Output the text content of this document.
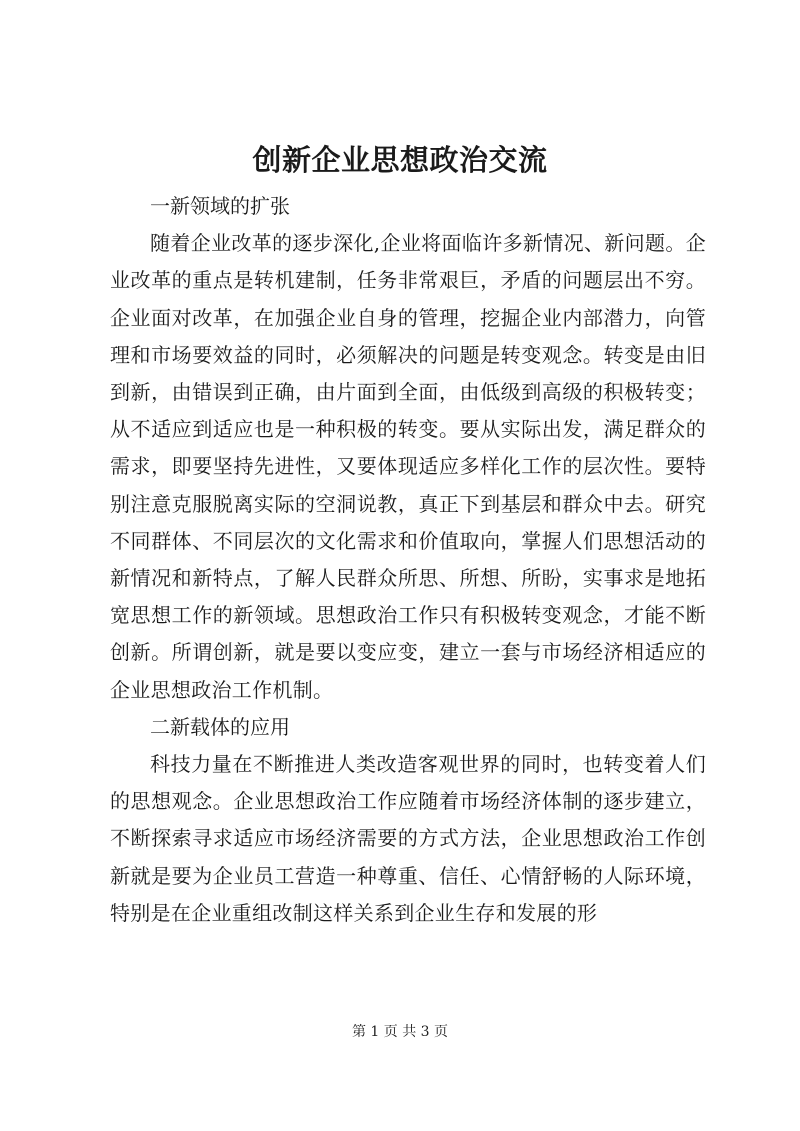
创新企业思想政治交流

一新领域的扩张

随着企业改革的逐步深化,企业将面临许多新情况、新问题。企业改革的重点是转机建制，任务非常艰巨，矛盾的问题层出不穷。企业面对改革，在加强企业自身的管理，挖掘企业内部潜力，向管理和市场要效益的同时，必须解决的问题是转变观念。转变是由旧到新，由错误到正确，由片面到全面，由低级到高级的积极转变；从不适应到适应也是一种积极的转变。要从实际出发，满足群众的需求，即要坚持先进性，又要体现适应多样化工作的层次性。要特别注意克服脱离实际的空洞说教，真正下到基层和群众中去。研究不同群体、不同层次的文化需求和价值取向，掌握人们思想活动的新情况和新特点，了解人民群众所思、所想、所盼，实事求是地拓宽思想工作的新领域。思想政治工作只有积极转变观念，才能不断创新。所谓创新，就是要以变应变，建立一套与市场经济相适应的企业思想政治工作机制。

二新载体的应用

科技力量在不断推进人类改造客观世界的同时，也转变着人们的思想观念。企业思想政治工作应随着市场经济体制的逐步建立，不断探索寻求适应市场经济需要的方式方法，企业思想政治工作创新就是要为企业员工营造一种尊重、信任、心情舒畅的人际环境，特别是在企业重组改制这样关系到企业生存和发展的形

第 1 页 共 3 页
